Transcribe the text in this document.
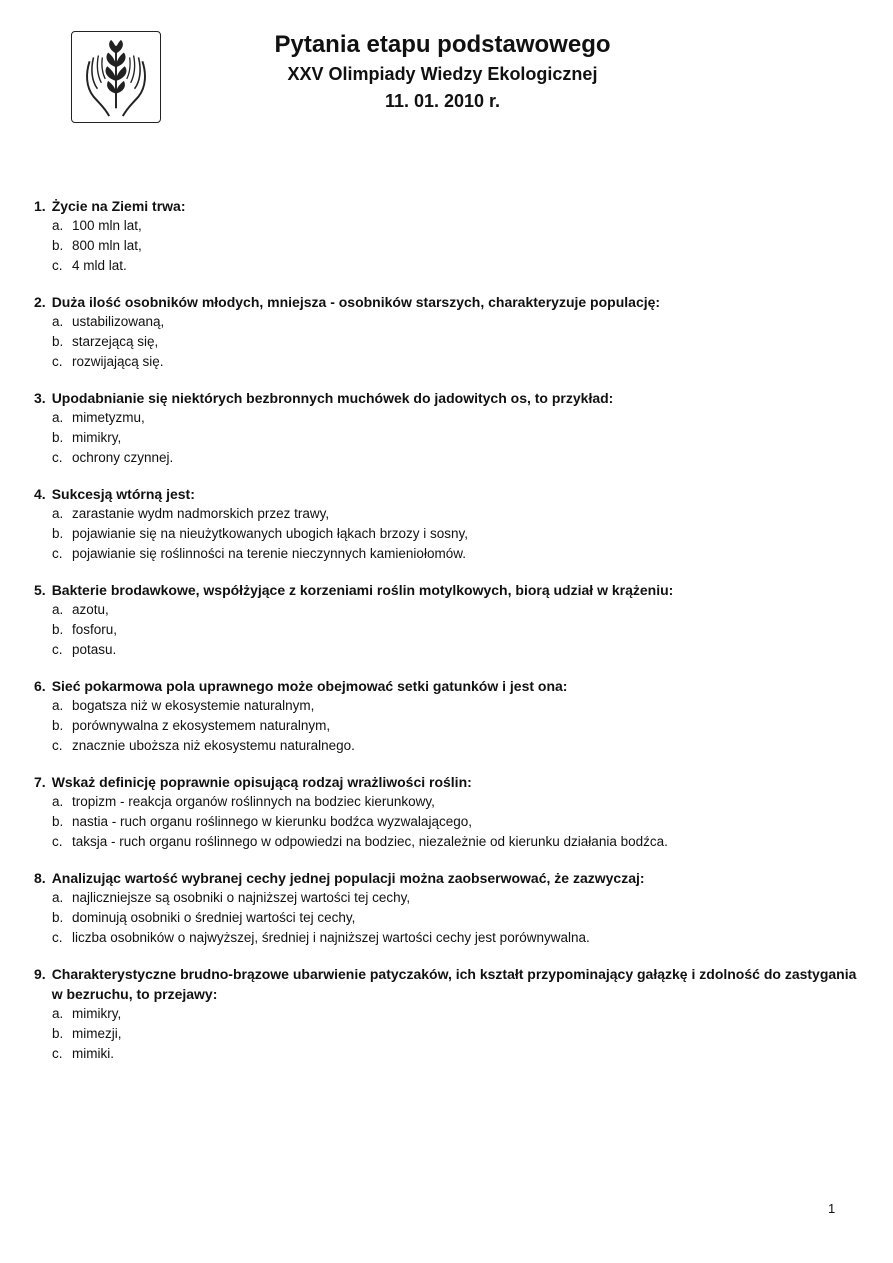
Pytania etapu podstawowego
XXV Olimpiady Wiedzy Ekologicznej
11. 01. 2010 r.
1. Życie na Ziemi trwa:
a. 100 mln lat,
b. 800 mln lat,
c. 4 mld lat.
2. Duża ilość osobników młodych, mniejsza - osobników starszych, charakteryzuje populację:
a. ustabilizowaną,
b. starzejącą się,
c. rozwijającą się.
3. Upodabnianie się niektórych bezbronnych muchówek do jadowitych os, to przykład:
a. mimetyzmu,
b. mimikry,
c. ochrony czynnej.
4. Sukcesją wtórną jest:
a. zarastanie wydm nadmorskich przez trawy,
b. pojawianie się na nieużytkowanych ubogich łąkach brzozy i sosny,
c. pojawianie się roślinności na terenie nieczynnych kamieniołomów.
5. Bakterie brodawkowe, współżyjące z korzeniami roślin motylkowych, biorą udział w krążeniu:
a. azotu,
b. fosforu,
c. potasu.
6. Sieć pokarmowa pola uprawnego może obejmować setki gatunków i jest ona:
a. bogatsza niż w ekosystemie naturalnym,
b. porównywalna z ekosystemem naturalnym,
c. znacznie uboższa niż ekosystemu naturalnego.
7. Wskaż definicję poprawnie opisującą rodzaj wrażliwości roślin:
a. tropizm - reakcja organów roślinnych na bodziec kierunkowy,
b. nastia - ruch organu roślinnego w kierunku bodźca wyzwalającego,
c. taksja - ruch organu roślinnego w odpowiedzi na bodziec, niezależnie od kierunku działania bodźca.
8. Analizując wartość wybranej cechy jednej populacji można zaobserwować, że zazwyczaj:
a. najliczniejsze są osobniki o najniższej wartości tej cechy,
b. dominują osobniki o średniej wartości tej cechy,
c. liczba osobników o najwyższej, średniej i najniższej wartości cechy jest porównywalna.
9. Charakterystyczne brudno-brązowe ubarwienie patyczaków, ich kształt przypominający gałązkę i zdolność do zastygania w bezruchu, to przejawy:
a. mimikry,
b. mimezji,
c. mimiki.
1
